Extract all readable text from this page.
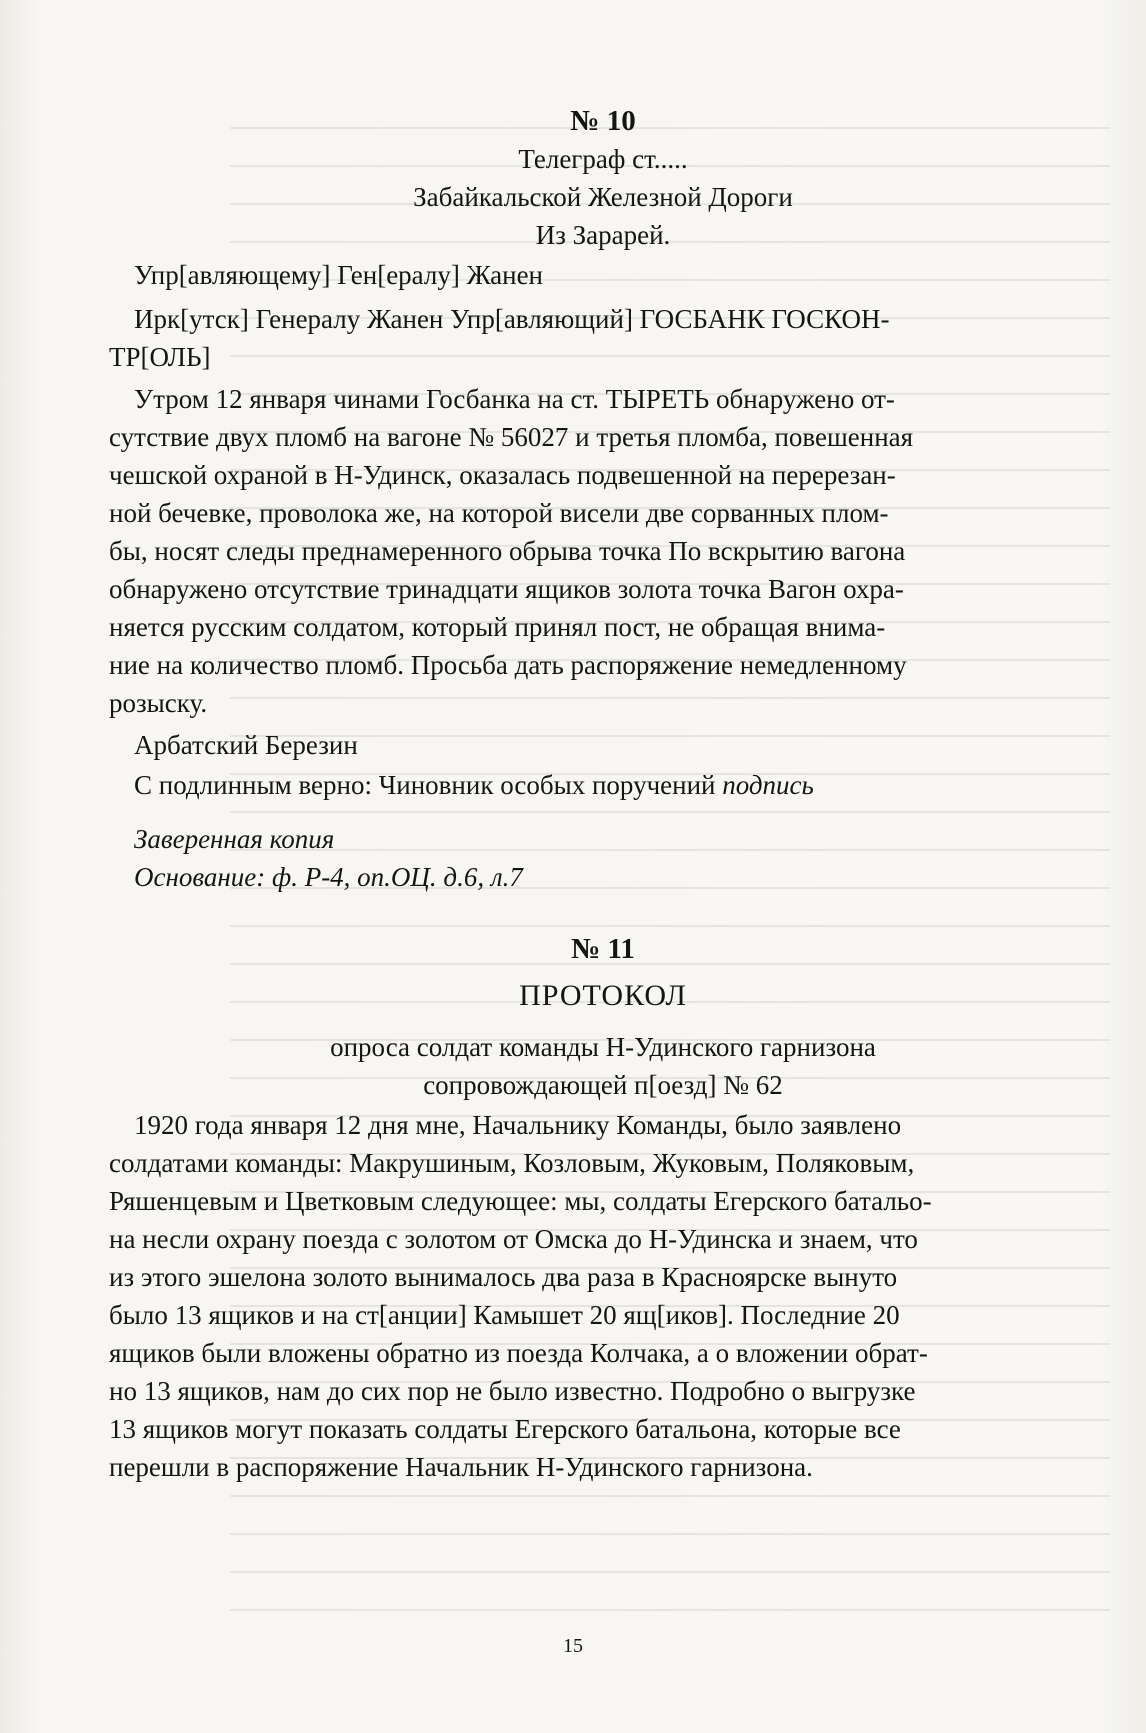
№ 10
Телеграф ст.....
Забайкальской Железной Дороги
Из Зарарей.
Упр[авляющему] Ген[ералу] Жанен
Ирк[утск] Генералу Жанен Упр[авляющий] ГОСБАНК ГОСКОН-
ТР[ОЛЬ]
Утром 12 января чинами Госбанка на ст. ТЫРЕТЬ обнаружено от-
сутствие двух пломб на вагоне № 56027 и третья пломба, повешенная
чешской охраной в Н-Удинск, оказалась подвешенной на перерезан-
ной бечевке, проволока же, на которой висели две сорванных плом-
бы, носят следы преднамеренного обрыва точка По вскрытию вагона
обнаружено отсутствие тринадцати ящиков золота точка Вагон охра-
няется русским солдатом, который принял пост, не обращая внима-
ние на количество пломб. Просьба дать распоряжение немедленному
розыску.
Арбатский Березин
С подлинным верно: Чиновник особых поручений подпись
Заверенная копия
Основание: ф. Р-4, оп.ОЦ. д.6, л.7
№ 11
ПРОТОКОЛ
опроса солдат команды Н-Удинского гарнизона
сопровождающей п[оезд] № 62
1920 года января 12 дня мне, Начальнику Команды, было заявлено
солдатами команды: Макрушиным, Козловым, Жуковым, Поляковым,
Ряшенцевым и Цветковым следующее: мы, солдаты Егерского батальо-
на несли охрану поезда с золотом от Омска до Н-Удинска и знаем, что
из этого эшелона золото вынималось два раза в Красноярске вынуто
было 13 ящиков и на ст[анции] Камышет 20 ящ[иков]. Последние 20
ящиков были вложены обратно из поезда Колчака, а о вложении обрат-
но 13 ящиков, нам до сих пор не было известно. Подробно о выгрузке
13 ящиков могут показать солдаты Егерского батальона, которые все
перешли в распоряжение Начальник Н-Удинского гарнизона.
15
